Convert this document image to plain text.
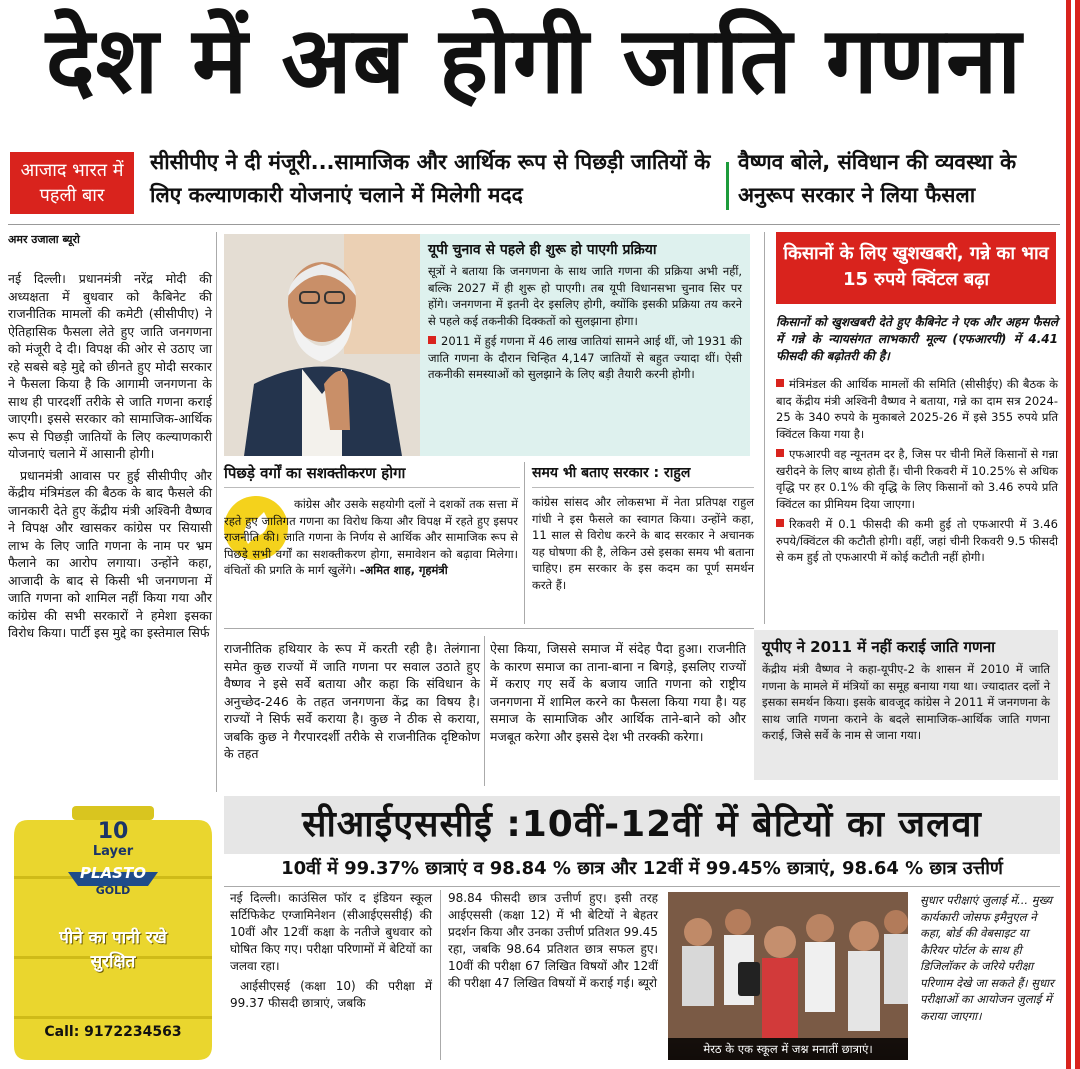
देश में अब होगी जाति गणना
आजाद भारत में पहली बार
सीसीपीए ने दी मंजूरी...सामाजिक और आर्थिक रूप से पिछड़ी जातियों के लिए कल्याणकारी योजनाएं चलाने में मिलेगी मदद
वैष्णव बोले, संविधान की व्यवस्था के अनुरूप सरकार ने लिया फैसला
अमर उजाला ब्यूरो

नई दिल्ली। प्रधानमंत्री नरेंद्र मोदी की अध्यक्षता में बुधवार को कैबिनेट की राजनीतिक मामलों की कमेटी (सीसीपीए) ने ऐतिहासिक फैसला लेते हुए जाति जनगणना को मंजूरी दे दी। विपक्ष की ओर से उठाए जा रहे सबसे बड़े मुद्दे को छीनते हुए मोदी सरकार ने फैसला किया है कि आगामी जनगणना के साथ ही पारदर्शी तरीके से जाति गणना कराई जाएगी। इससे सरकार को सामाजिक-आर्थिक रूप से पिछड़ी जातियों के लिए कल्याणकारी योजनाएं चलाने में आसानी होगी।

प्रधानमंत्री आवास पर हुई सीसीपीए और केंद्रीय मंत्रिमंडल की बैठक के बाद फैसले की जानकारी देते हुए केंद्रीय मंत्री अश्विनी वैष्णव ने विपक्ष और खासकर कांग्रेस पर सियासी लाभ के लिए जाति गणना के नाम पर भ्रम फैलाने का आरोप लगाया। उन्होंने कहा, आजादी के बाद से किसी भी जनगणना में जाति गणना को शामिल नहीं किया गया और कांग्रेस की सभी सरकारों ने हमेशा इसका विरोध किया। पार्टी इस मुद्दे का इस्तेमाल सिर्फ

यूपी चुनाव से पहले ही शुरू हो पाएगी प्रक्रिया

सूत्रों ने बताया कि जनगणना के साथ जाति गणना की प्रक्रिया अभी नहीं, बल्कि 2027 में ही शुरू हो पाएगी। तब यूपी विधानसभा चुनाव सिर पर होंगे। जनगणना में इतनी देर इसलिए होगी, क्योंकि इसकी प्रक्रिया तय करने से पहले कई तकनीकी दिक्कतों को सुलझाना होगा।

2011 में हुई गणना में 46 लाख जातियां सामने आई थीं, जो 1931 की जाति गणना के दौरान चिन्हित 4,147 जातियों से बहुत ज्यादा थीं। ऐसी तकनीकी समस्याओं को सुलझाने के लिए बड़ी तैयारी करनी होगी।

किसानों के लिए खुशखबरी, गन्ने का भाव 15 रुपये क्विंटल बढ़ा
किसानों को खुशखबरी देते हुए कैबिनेट ने एक और अहम फैसले में गन्ने के न्यायसंगत लाभकारी मूल्य (एफआरपी) में 4.41 फीसदी की बढ़ोतरी की है।

मंत्रिमंडल की आर्थिक मामलों की समिति (सीसीईए) की बैठक के बाद केंद्रीय मंत्री अश्विनी वैष्णव ने बताया, गन्ने का दाम सत्र 2024-25 के 340 रुपये के मुकाबले 2025-26 में इसे 355 रुपये प्रति क्विंटल किया गया है।

एफआरपी वह न्यूनतम दर है, जिस पर चीनी मिलें किसानों से गन्ना खरीदने के लिए बाध्य होती हैं। चीनी रिकवरी में 10.25% से अधिक वृद्धि पर हर 0.1% की वृद्धि के लिए किसानों को 3.46 रुपये प्रति क्विंटल का प्रीमियम दिया जाएगा।

रिकवरी में 0.1 फीसदी की कमी हुई तो एफआरपी में 3.46 रुपये/क्विंटल की कटौती होगी। वहीं, जहां चीनी रिकवरी 9.5 फीसदी से कम हुई तो एफआरपी में कोई कटौती नहीं होगी।

पिछड़े वर्गों का सशक्तीकरण होगा
कांग्रेस और उसके सहयोगी दलों ने दशकों तक सत्ता में रहते हुए जातिगत गणना का विरोध किया और विपक्ष में रहते हुए इसपर राजनीति की। जाति गणना के निर्णय से आर्थिक और सामाजिक रूप से पिछड़े सभी वर्गों का सशक्तीकरण होगा, समावेशन को बढ़ावा मिलेगा। वंचितों की प्रगति के मार्ग खुलेंगे। -अमित शाह, गृहमंत्री
समय भी बताए सरकार : राहुल

कांग्रेस सांसद और लोकसभा में नेता प्रतिपक्ष राहुल गांधी ने इस फैसले का स्वागत किया। उन्होंने कहा, 11 साल से विरोध करने के बाद सरकार ने अचानक यह घोषणा की है, लेकिन उसे इसका समय भी बताना चाहिए। हम सरकार के इस कदम का पूर्ण समर्थन करते हैं।

राजनीतिक हथियार के रूप में करती रही है। तेलंगाना समेत कुछ राज्यों में जाति गणना पर सवाल उठाते हुए वैष्णव ने इसे सर्वे बताया और कहा कि संविधान के अनुच्छेद-246 के तहत जनगणना केंद्र का विषय है। राज्यों ने सिर्फ सर्वे कराया है। कुछ ने ठीक से कराया, जबकि कुछ ने गैरपारदर्शी तरीके से राजनीतिक दृष्टिकोण के तहत
ऐसा किया, जिससे समाज में संदेह पैदा हुआ। राजनीति के कारण समाज का ताना-बाना न बिगड़े, इसलिए राज्यों में कराए गए सर्वे के बजाय जाति गणना को राष्ट्रीय जनगणना में शामिल करने का फैसला किया गया है। यह समाज के सामाजिक और आर्थिक ताने-बाने को और मजबूत करेगा और इससे देश भी तरक्की करेगा।
यूपीए ने 2011 में नहीं कराई जाति गणना

केंद्रीय मंत्री वैष्णव ने कहा-यूपीए-2 के शासन में 2010 में जाति गणना के मामले में मंत्रियों का समूह बनाया गया था। ज्यादातर दलों ने इसका समर्थन किया। इसके बावजूद कांग्रेस ने 2011 में जनगणना के साथ जाति गणना कराने के बदले सामाजिक-आर्थिक जाति गणना कराई, जिसे सर्वे के नाम से जाना गया।

सीआईएससीई :10वीं-12वीं में बेटियों का जलवा
10वीं में 99.37% छात्राएं व 98.84 % छात्र और 12वीं में 99.45% छात्राएं, 98.64 % छात्र उत्तीर्ण

नई दिल्ली। काउंसिल फॉर द इंडियन स्कूल सर्टिफिकेट एग्जामिनेशन (सीआईएससीई) की 10वीं और 12वीं कक्षा के नतीजे बुधवार को घोषित किए गए। परीक्षा परिणामों में बेटियों का जलवा रहा।

आईसीएसई (कक्षा 10) की परीक्षा में 99.37 फीसदी छात्राएं, जबकि

98.84 फीसदी छात्र उत्तीर्ण हुए। इसी तरह आईएससी (कक्षा 12) में भी बेटियों ने बेहतर प्रदर्शन किया और उनका उत्तीर्ण प्रतिशत 99.45 रहा, जबकि 98.64 प्रतिशत छात्र सफल हुए। 10वीं की परीक्षा 67 लिखित विषयों और 12वीं की परीक्षा 47 लिखित विषयों में कराई गई। ब्यूरो
मेरठ के एक स्कूल में जश्न मनातीं छात्राएं।
सुधार परीक्षाएं जुलाई में... मुख्य कार्यकारी जोसफ इमैनुएल ने कहा, बोर्ड की वेबसाइट या कैरियर पोर्टल के साथ ही डिजिलॉकर के जरिये परीक्षा परिणाम देखे जा सकते हैं। सुधार परीक्षाओं का आयोजन जुलाई में कराया जाएगा।
10
Layer
PLASTO
GOLD
पीने का पानी रखे सुरक्षित
Call: 9172234563
